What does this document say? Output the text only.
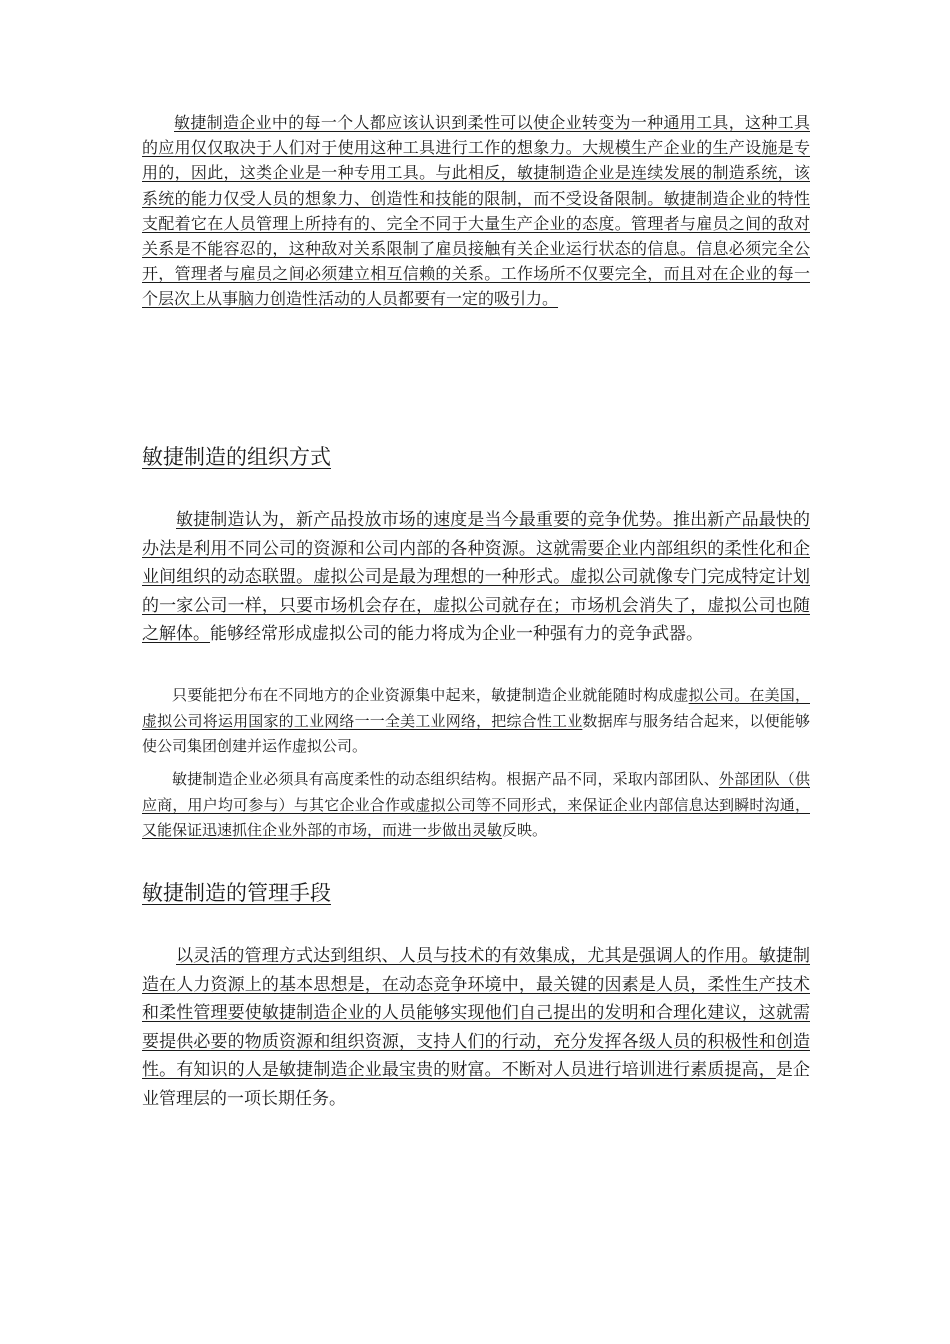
敏捷制造企业中的每一个人都应该认识到柔性可以使企业转变为一种通用工具，这种工具的应用仅仅取决于人们对于使用这种工具进行工作的想象力。大规模生产企业的生产设施是专用的，因此，这类企业是一种专用工具。与此相反，敏捷制造企业是连续发展的制造系统，该系统的能力仅受人员的想象力、创造性和技能的限制，而不受设备限制。敏捷制造企业的特性支配着它在人员管理上所持有的、完全不同于大量生产企业的态度。管理者与雇员之间的敌对关系是不能容忍的，这种敌对关系限制了雇员接触有关企业运行状态的信息。信息必须完全公开，管理者与雇员之间必须建立相互信赖的关系。工作场所不仅要完全，而且对在企业的每一个层次上从事脑力创造性活动的人员都要有一定的吸引力。

敏捷制造的组织方式

敏捷制造认为，新产品投放市场的速度是当今最重要的竞争优势。推出新产品最快的办法是利用不同公司的资源和公司内部的各种资源。这就需要企业内部组织的柔性化和企业间组织的动态联盟。虚拟公司是最为理想的一种形式。虚拟公司就像专门完成特定计划的一家公司一样，只要市场机会存在，虚拟公司就存在；市场机会消失了，虚拟公司也随之解体。能够经常形成虚拟公司的能力将成为企业一种强有力的竞争武器。

只要能把分布在不同地方的企业资源集中起来，敏捷制造企业就能随时构成虚拟公司。在美国，虚拟公司将运用国家的工业网络一一全美工业网络，把综合性工业数据库与服务结合起来，以便能够使公司集团创建并运作虚拟公司。

敏捷制造企业必须具有高度柔性的动态组织结构。根据产品不同，采取内部团队、外部团队（供应商，用户均可参与）与其它企业合作或虚拟公司等不同形式，来保证企业内部信息达到瞬时沟通，又能保证迅速抓住企业外部的市场，而进一步做出灵敏反映。

敏捷制造的管理手段

以灵活的管理方式达到组织、人员与技术的有效集成，尤其是强调人的作用。敏捷制造在人力资源上的基本思想是，在动态竞争环境中，最关键的因素是人员，柔性生产技术和柔性管理要使敏捷制造企业的人员能够实现他们自己提出的发明和合理化建议，这就需要提供必要的物质资源和组织资源，支持人们的行动，充分发挥各级人员的积极性和创造性。有知识的人是敏捷制造企业最宝贵的财富。不断对人员进行培训进行素质提高，是企业管理层的一项长期任务。
